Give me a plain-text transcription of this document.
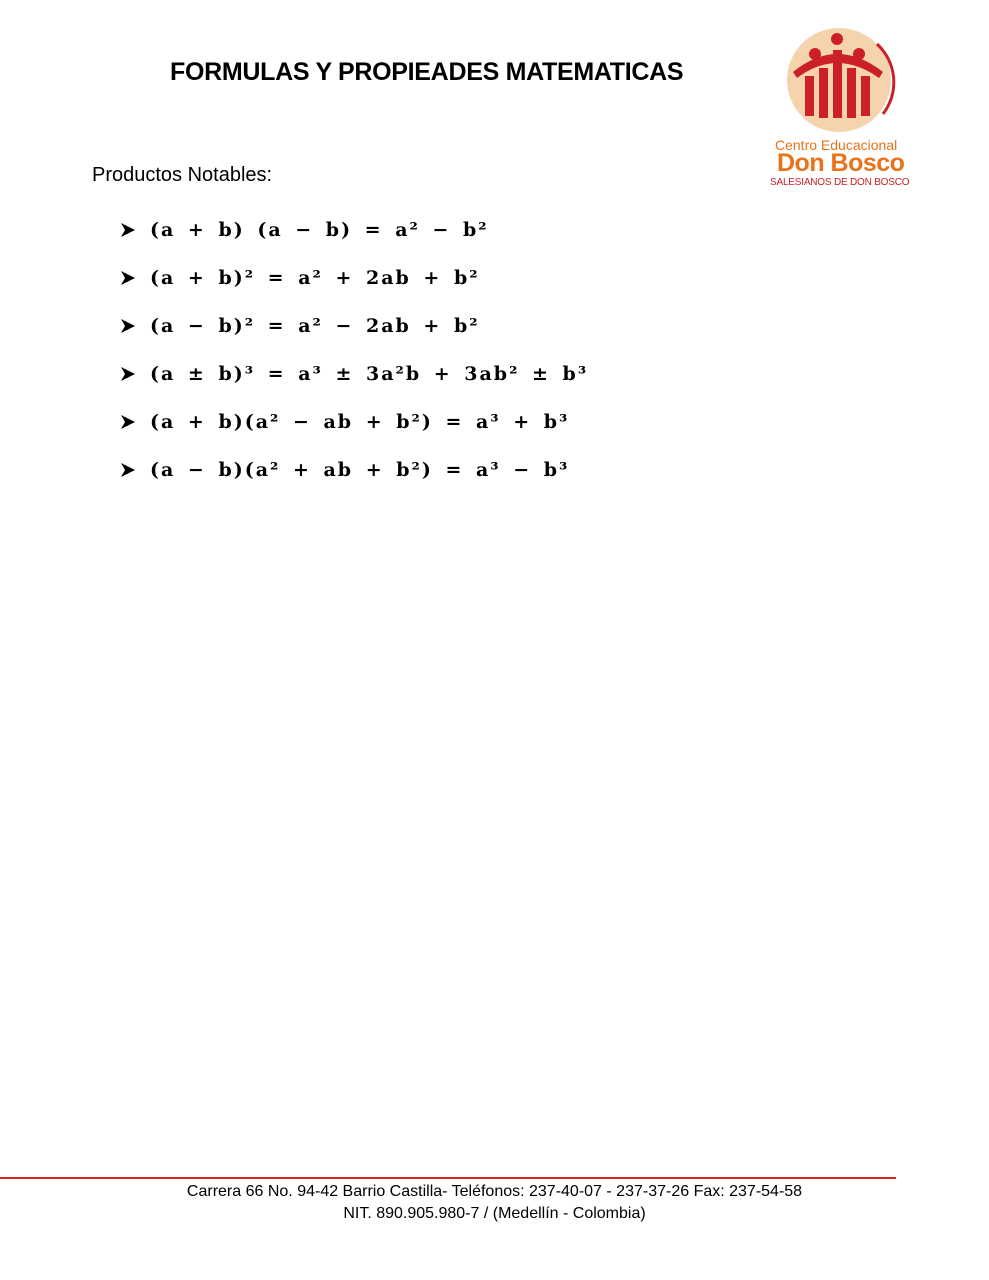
FORMULAS Y PROPIEADES MATEMATICAS
Centro Educacional
Don Bosco
SALESIANOS DE DON BOSCO
Productos Notables:
(a + b) (a − b) = a² − b²
(a + b)² = a² + 2ab + b²
(a − b)² = a² − 2ab + b²
(a ± b)³ = a³ ± 3a²b + 3ab² ± b³
(a + b)(a² − ab + b²) = a³ + b³
(a − b)(a² + ab + b²) = a³ − b³
Carrera 66 No. 94-42 Barrio Castilla- Teléfonos: 237-40-07 - 237-37-26 Fax: 237-54-58
NIT. 890.905.980-7 / (Medellín - Colombia)
